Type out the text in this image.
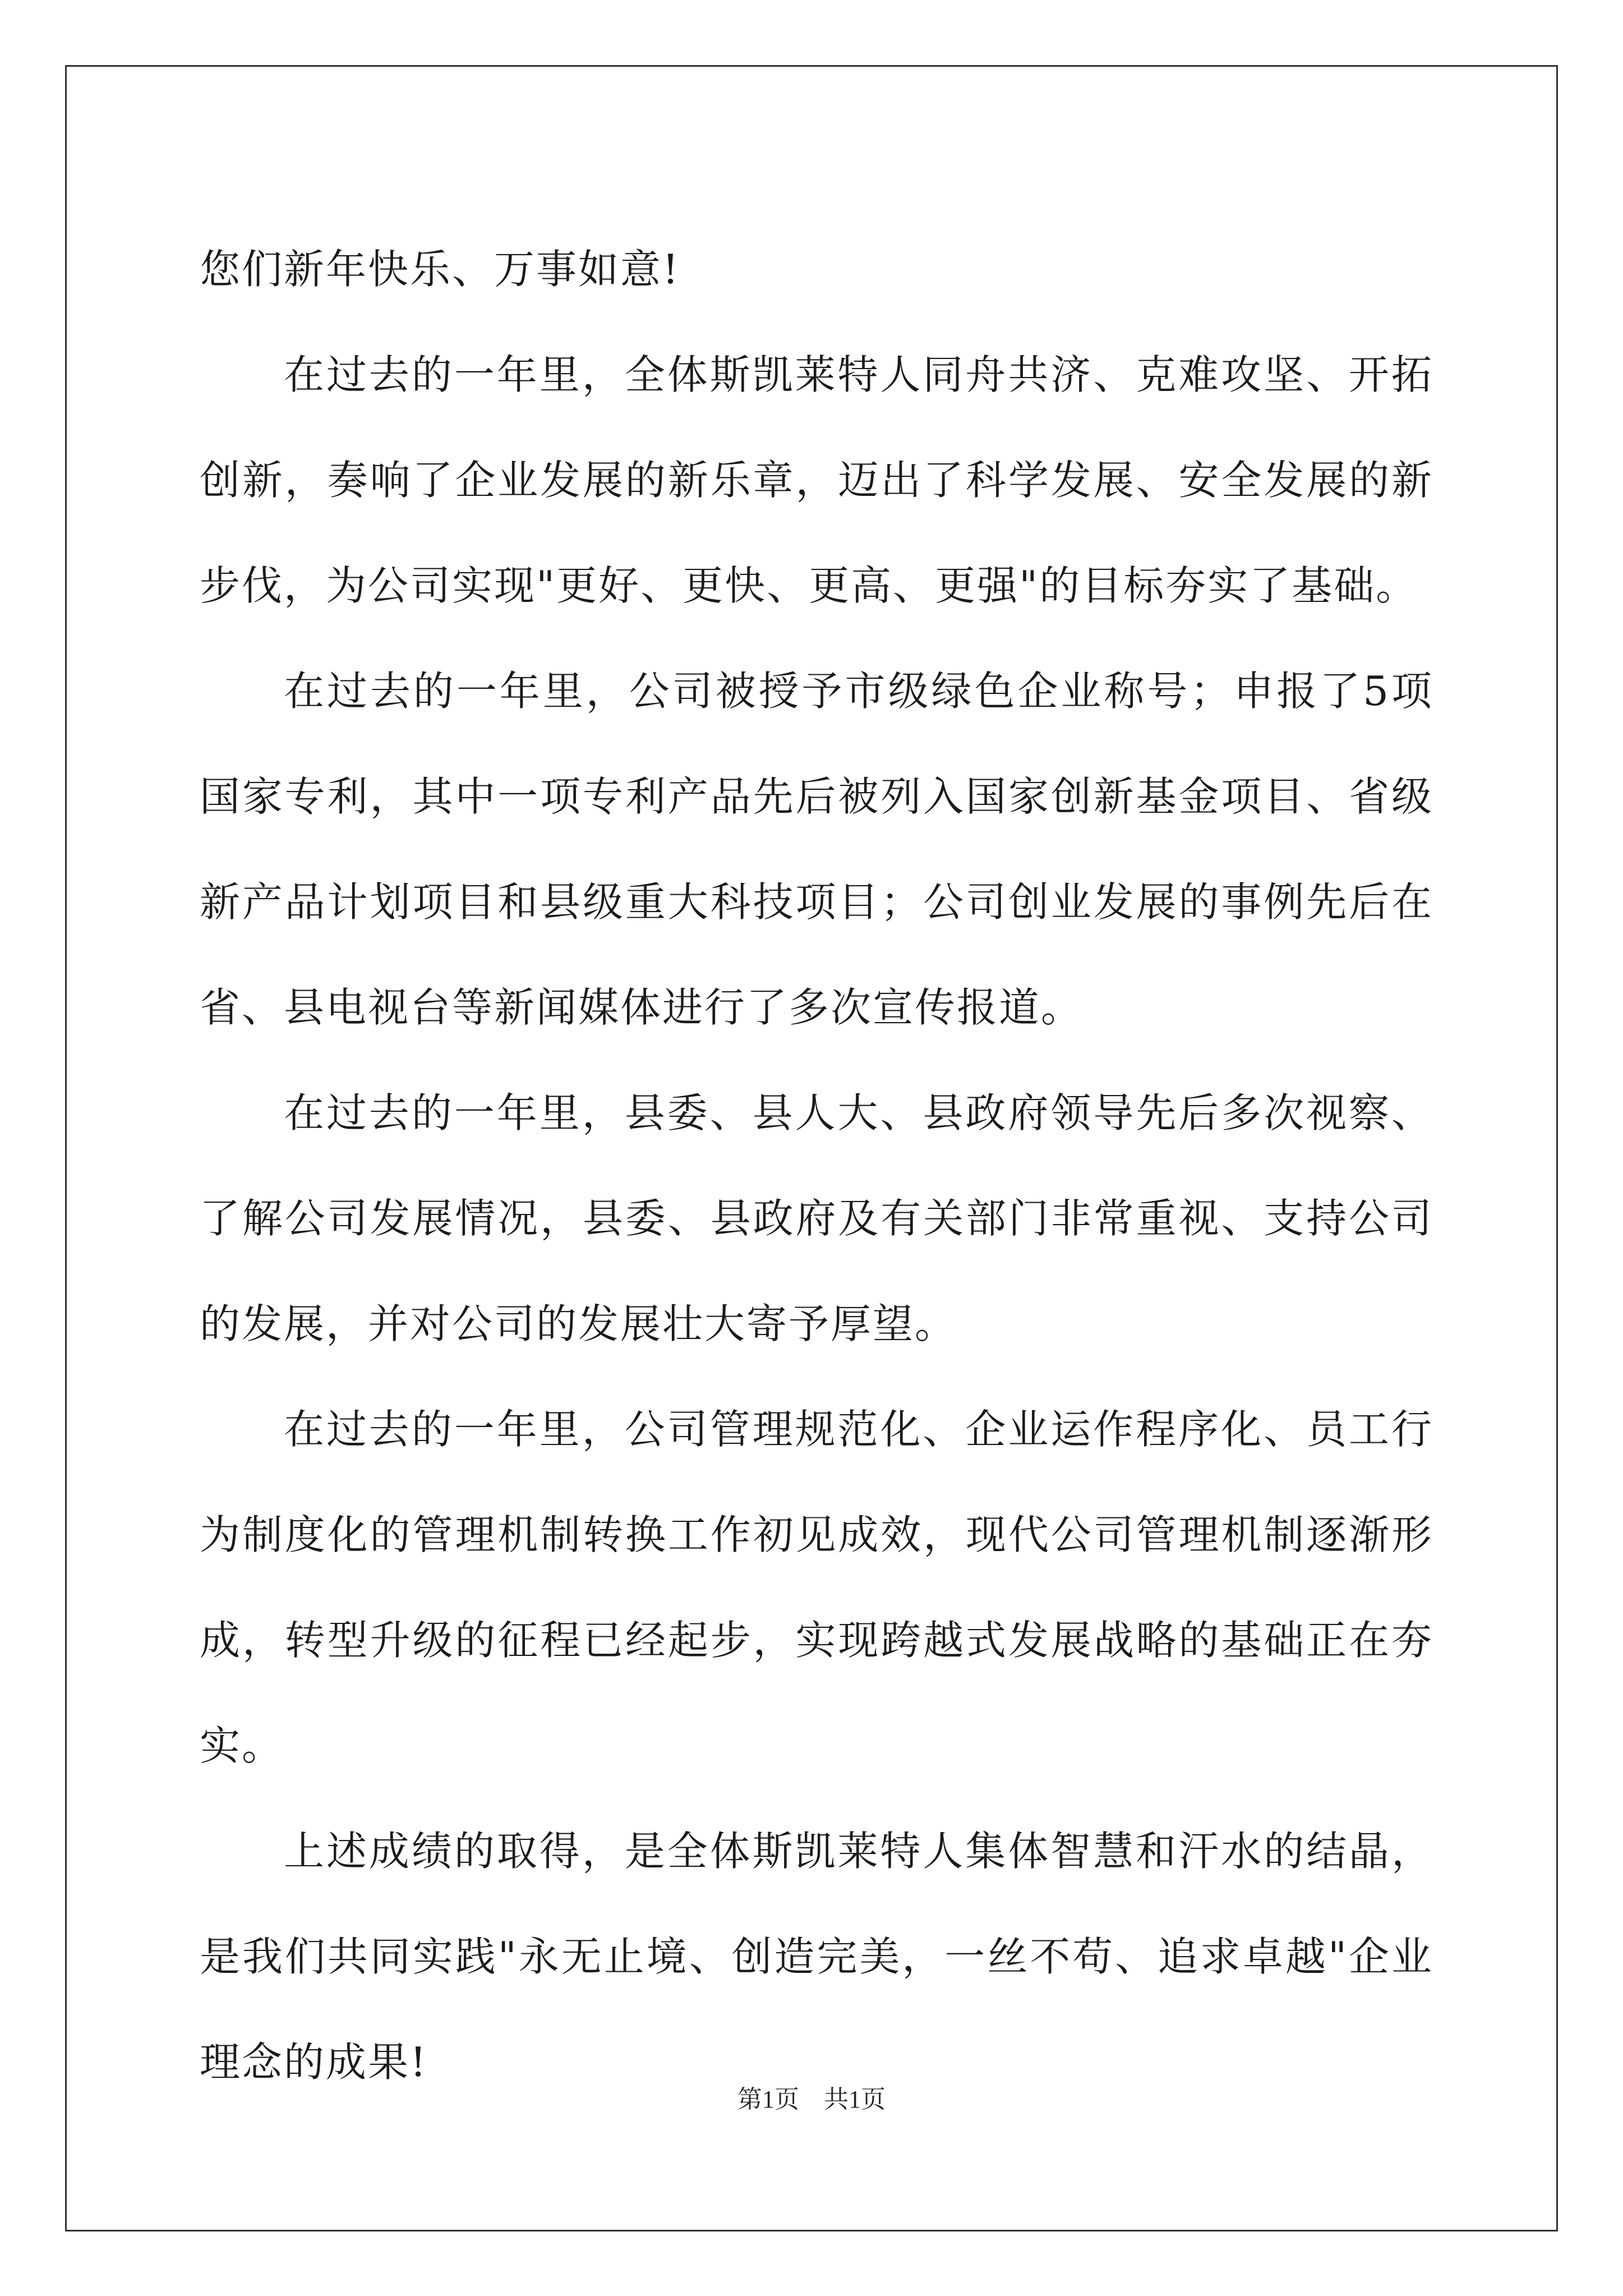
您们新年快乐、万事如意!

在过去的一年里，全体斯凯莱特人同舟共济、克难攻坚、开拓创新，奏响了企业发展的新乐章，迈出了科学发展、安全发展的新步伐，为公司实现"更好、更快、更高、更强"的目标夯实了基础。

在过去的一年里，公司被授予市级绿色企业称号；申报了5项国家专利，其中一项专利产品先后被列入国家创新基金项目、省级新产品计划项目和县级重大科技项目；公司创业发展的事例先后在省、县电视台等新闻媒体进行了多次宣传报道。

在过去的一年里，县委、县人大、县政府领导先后多次视察、了解公司发展情况，县委、县政府及有关部门非常重视、支持公司的发展，并对公司的发展壮大寄予厚望。

在过去的一年里，公司管理规范化、企业运作程序化、员工行为制度化的管理机制转换工作初见成效，现代公司管理机制逐渐形成，转型升级的征程已经起步，实现跨越式发展战略的基础正在夯实。

上述成绩的取得，是全体斯凯莱特人集体智慧和汗水的结晶，是我们共同实践"永无止境、创造完美，一丝不苟、追求卓越"企业理念的成果!

第1页　共1页
